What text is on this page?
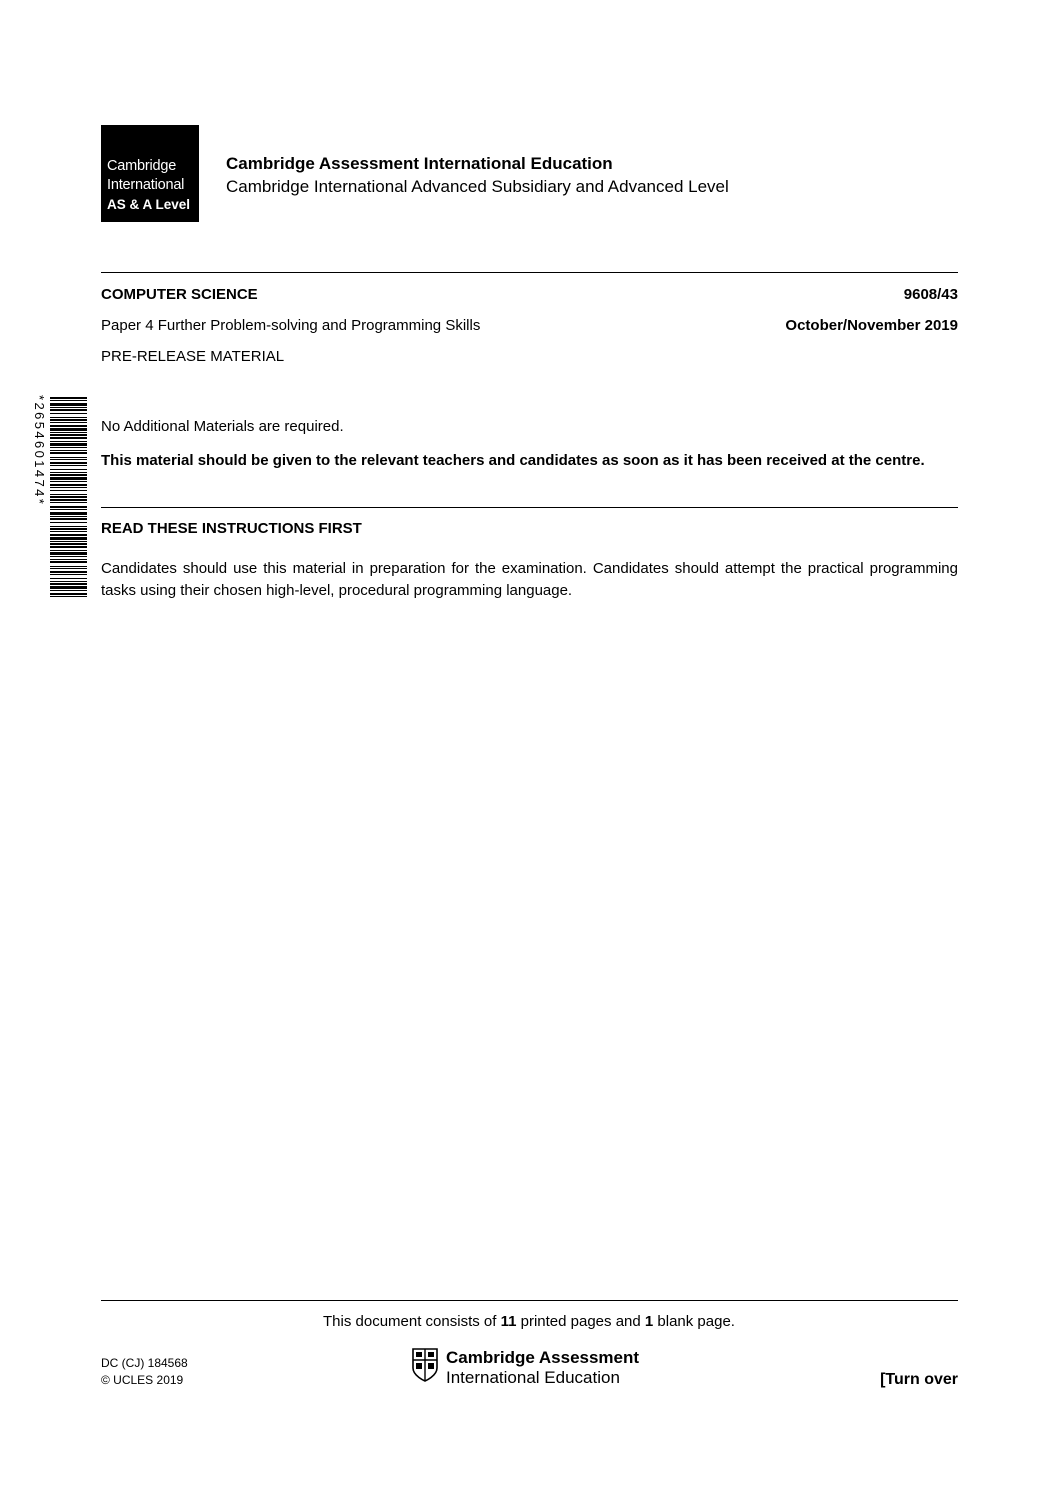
Cambridge
International
AS & A Level
Cambridge Assessment International Education
Cambridge International Advanced Subsidiary and Advanced Level
COMPUTER SCIENCE	9608/43
Paper 4 Further Problem-solving and Programming Skills	October/November 2019
PRE-RELEASE MATERIAL
*2654601474*	No Additional Materials are required.
This material should be given to the relevant teachers and candidates as soon as it has been received at the centre.
READ THESE INSTRUCTIONS FIRST
Candidates should use this material in preparation for the examination. Candidates should attempt the practical programming tasks using their chosen high-level, procedural programming language.
This document consists of 11 printed pages and 1 blank page.
DC (CJ) 184568
© UCLES 2019
Cambridge Assessment
International Education	[Turn over
